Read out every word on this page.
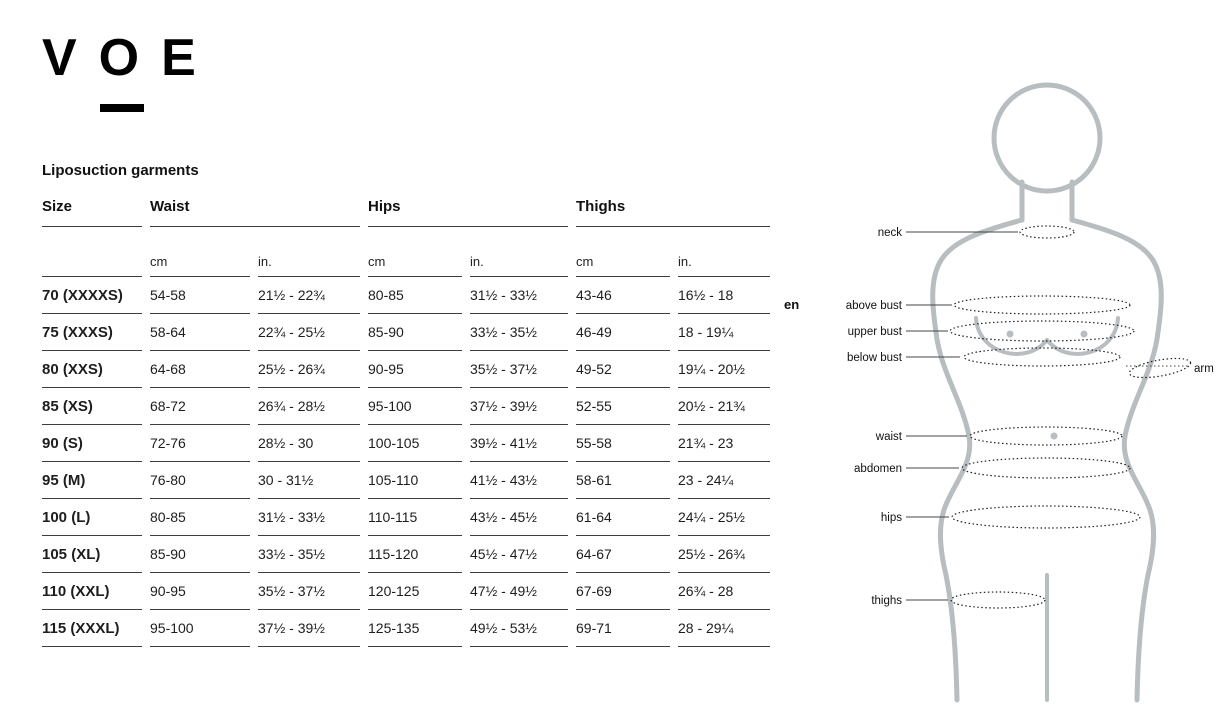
VOE
Liposuction garments
en
Size	Waist	Hips	Thighs
cm	in.	cm	in.	cm	in.
70 (XXXXS)	54-58	21½ - 22¾	80-85	31½ - 33½	43-46	16½ - 18
75 (XXXS)	58-64	22¾ - 25½	85-90	33½ - 35½	46-49	18 - 19¼
80 (XXS)	64-68	25½ - 26¾	90-95	35½ - 37½	49-52	19¼ - 20½
85 (XS)	68-72	26¾ - 28½	95-100	37½ - 39½	52-55	20½ - 21¾
90 (S)	72-76	28½ - 30	100-105	39½ - 41½	55-58	21¾ - 23
95 (M)	76-80	30 - 31½	105-110	41½ - 43½	58-61	23 - 24¼
100 (L)	80-85	31½ - 33½	110-115	43½ - 45½	61-64	24¼ - 25½
105 (XL)	85-90	33½ - 35½	115-120	45½ - 47½	64-67	25½ - 26¾
110 (XXL)	90-95	35½ - 37½	120-125	47½ - 49½	67-69	26¾ - 28
115 (XXXL)	95-100	37½ - 39½	125-135	49½ - 53½	69-71	28 - 29¼
neck
above bust
upper bust
below bust
arm
waist
abdomen
hips
thighs
